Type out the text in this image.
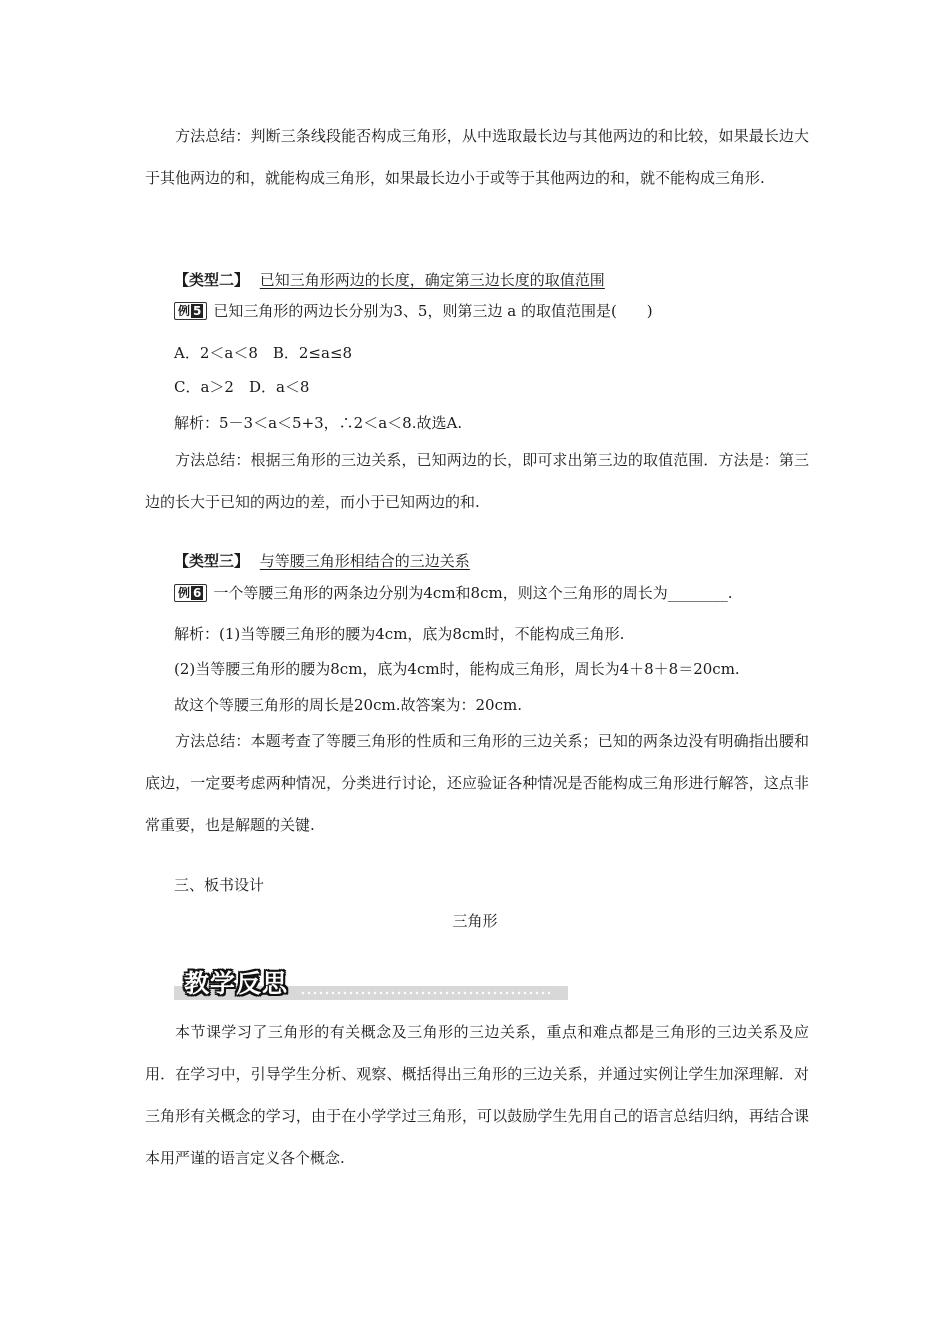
方法总结：判断三条线段能否构成三角形，从中选取最长边与其他两边的和比较，如果最长边大于其他两边的和，就能构成三角形，如果最长边小于或等于其他两边的和，就不能构成三角形.
【类型二】 已知三角形两边的长度，确定第三边长度的取值范围
例 5 已知三角形的两边长分别为3、5，则第三边 a 的取值范围是(　　)
A．2＜a＜8　B．2≤a≤8
C．a＞2　D．a＜8
解析：5－3＜a＜5+3，∴2＜a＜8.故选A.
方法总结：根据三角形的三边关系，已知两边的长，即可求出第三边的取值范围．方法是：第三边的长大于已知的两边的差，而小于已知两边的和.
【类型三】 与等腰三角形相结合的三边关系
例 6 一个等腰三角形的两条边分别为4cm和8cm，则这个三角形的周长为________.
解析：(1)当等腰三角形的腰为4cm，底为8cm时，不能构成三角形.
(2)当等腰三角形的腰为8cm，底为4cm时，能构成三角形，周长为4＋8＋8＝20cm.
故这个等腰三角形的周长是20cm.故答案为：20cm.
方法总结：本题考查了等腰三角形的性质和三角形的三边关系；已知的两条边没有明确指出腰和底边，一定要考虑两种情况，分类进行讨论，还应验证各种情况是否能构成三角形进行解答，这点非常重要，也是解题的关键.
三、板书设计
三角形
教学反思
本节课学习了三角形的有关概念及三角形的三边关系，重点和难点都是三角形的三边关系及应用．在学习中，引导学生分析、观察、概括得出三角形的三边关系，并通过实例让学生加深理解．对三角形有关概念的学习，由于在小学学过三角形，可以鼓励学生先用自己的语言总结归纳，再结合课本用严谨的语言定义各个概念.
